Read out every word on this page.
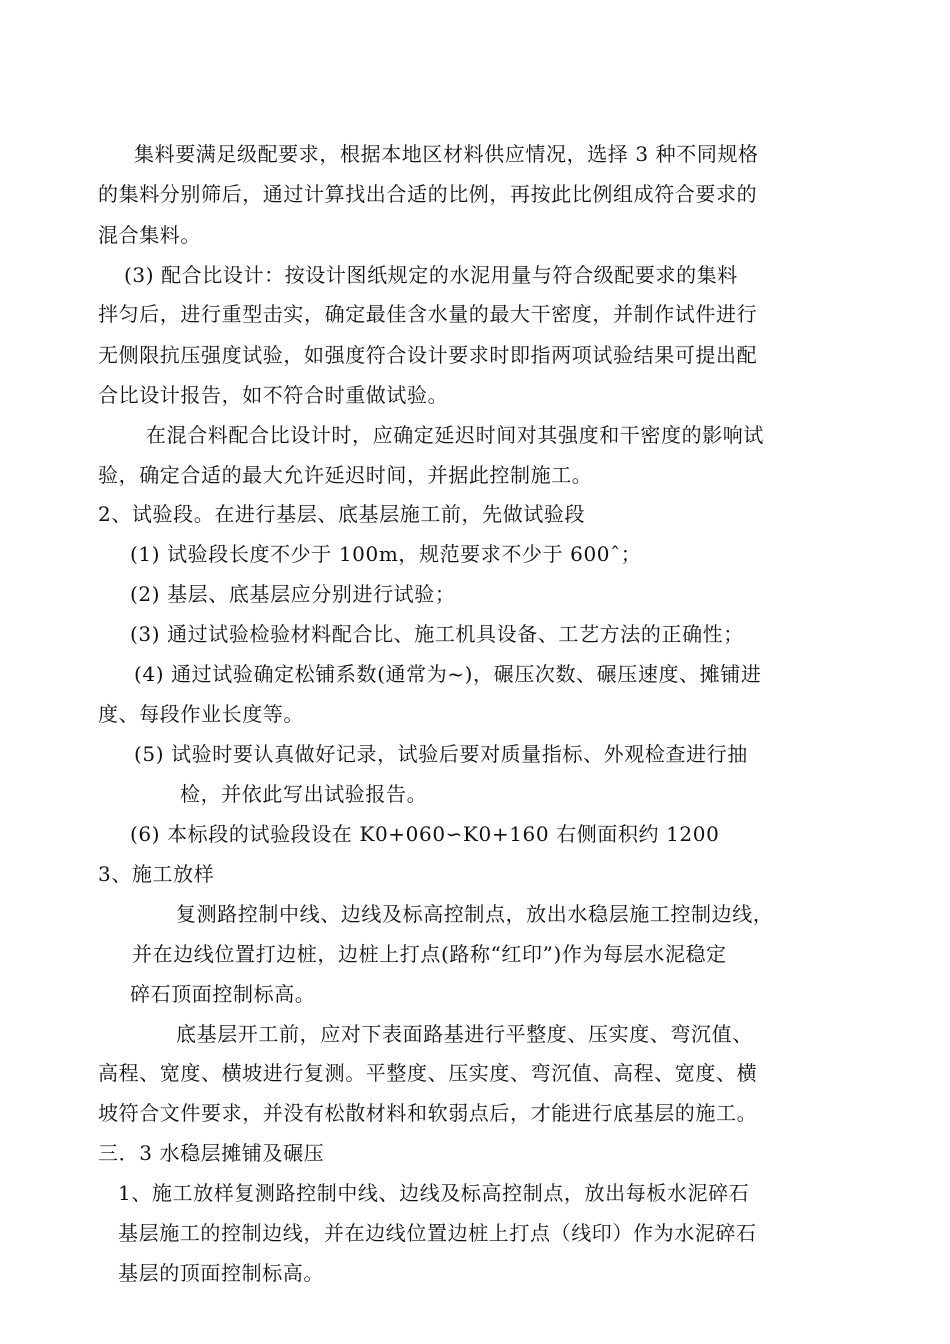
集料要满足级配要求，根据本地区材料供应情况，选择 3 种不同规格
的集料分别筛后，通过计算找出合适的比例，再按此比例组成符合要求的
混合集料。
(3) 配合比设计：按设计图纸规定的水泥用量与符合级配要求的集料
拌匀后，进行重型击实，确定最佳含水量的最大干密度，并制作试件进行
无侧限抗压强度试验，如强度符合设计要求时即指两项试验结果可提出配
合比设计报告，如不符合时重做试验。
在混合料配合比设计时，应确定延迟时间对其强度和干密度的影响试
验，确定合适的最大允许延迟时间，并据此控制施工。
2、试验段。在进行基层、底基层施工前，先做试验段
(1) 试验段长度不少于 100m，规范要求不少于 600ˆ；
(2) 基层、底基层应分别进行试验；
(3) 通过试验检验材料配合比、施工机具设备、工艺方法的正确性；
(4) 通过试验确定松铺系数(通常为~)，碾压次数、碾压速度、摊铺进
度、每段作业长度等。
(5) 试验时要认真做好记录，试验后要对质量指标、外观检查进行抽
检，并依此写出试验报告。
(6) 本标段的试验段设在 K0+060∽K0+160 右侧面积约 1200
3、施工放样
复测路控制中线、边线及标高控制点，放出水稳层施工控制边线，
并在边线位置打边桩，边桩上打点(路称“红印”)作为每层水泥稳定
碎石顶面控制标高。
底基层开工前，应对下表面路基进行平整度、压实度、弯沉值、
高程、宽度、横坡进行复测。平整度、压实度、弯沉值、高程、宽度、横
坡符合文件要求，并没有松散材料和软弱点后，才能进行底基层的施工。
三．3 水稳层摊铺及碾压
1、施工放样复测路控制中线、边线及标高控制点，放出每板水泥碎石
基层施工的控制边线，并在边线位置边桩上打点（线印）作为水泥碎石
基层的顶面控制标高。
